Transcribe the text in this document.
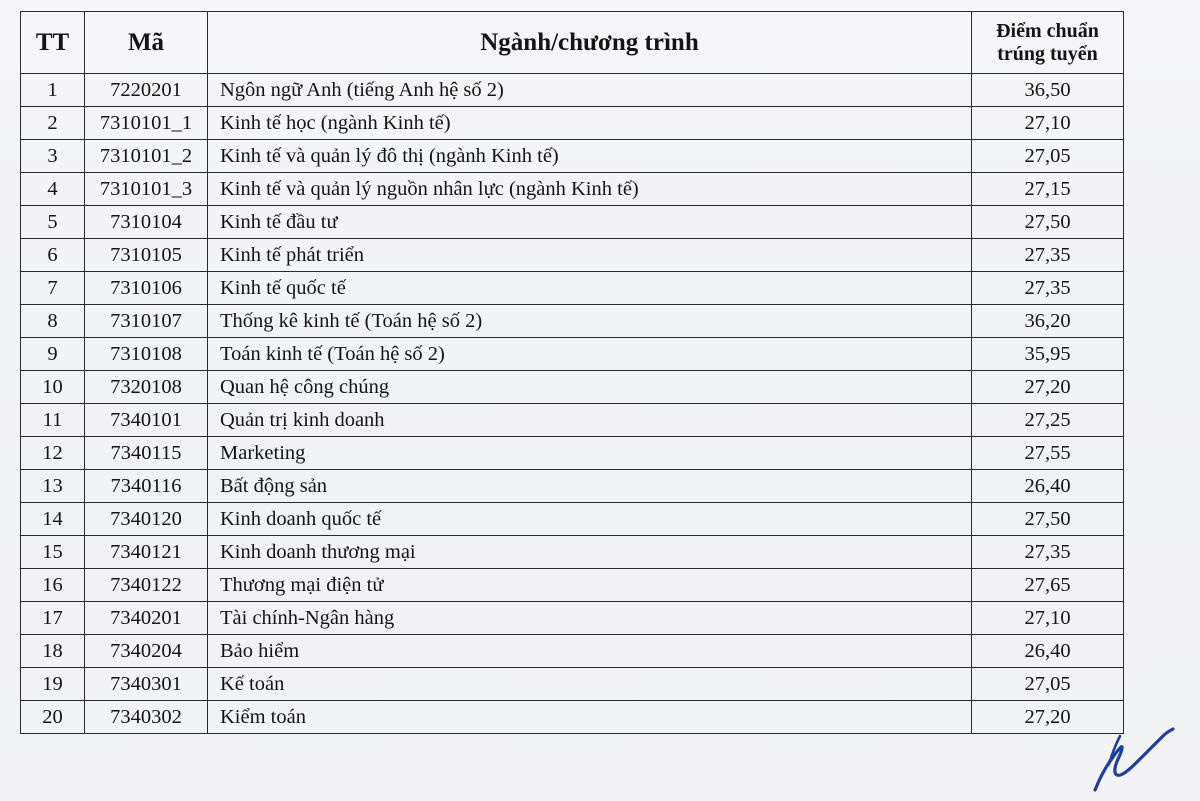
TT	Mã	Ngành/chương trình	Điểm chuẩn
trúng tuyển

1	7220201	Ngôn ngữ Anh (tiếng Anh hệ số 2)	36,50
2	7310101_1	Kinh tế học (ngành Kinh tế)	27,10
3	7310101_2	Kinh tế và quản lý đô thị (ngành Kinh tế)	27,05
4	7310101_3	Kinh tế và quản lý nguồn nhân lực (ngành Kinh tế)	27,15
5	7310104	Kinh tế đầu tư	27,50
6	7310105	Kinh tế phát triển	27,35
7	7310106	Kinh tế quốc tế	27,35
8	7310107	Thống kê kinh tế (Toán hệ số 2)	36,20
9	7310108	Toán kinh tế (Toán hệ số 2)	35,95
10	7320108	Quan hệ công chúng	27,20
11	7340101	Quản trị kinh doanh	27,25
12	7340115	Marketing	27,55
13	7340116	Bất động sản	26,40
14	7340120	Kinh doanh quốc tế	27,50
15	7340121	Kinh doanh thương mại	27,35
16	7340122	Thương mại điện tử	27,65
17	7340201	Tài chính-Ngân hàng	27,10
18	7340204	Bảo hiểm	26,40
19	7340301	Kế toán	27,05
20	7340302	Kiểm toán	27,20
